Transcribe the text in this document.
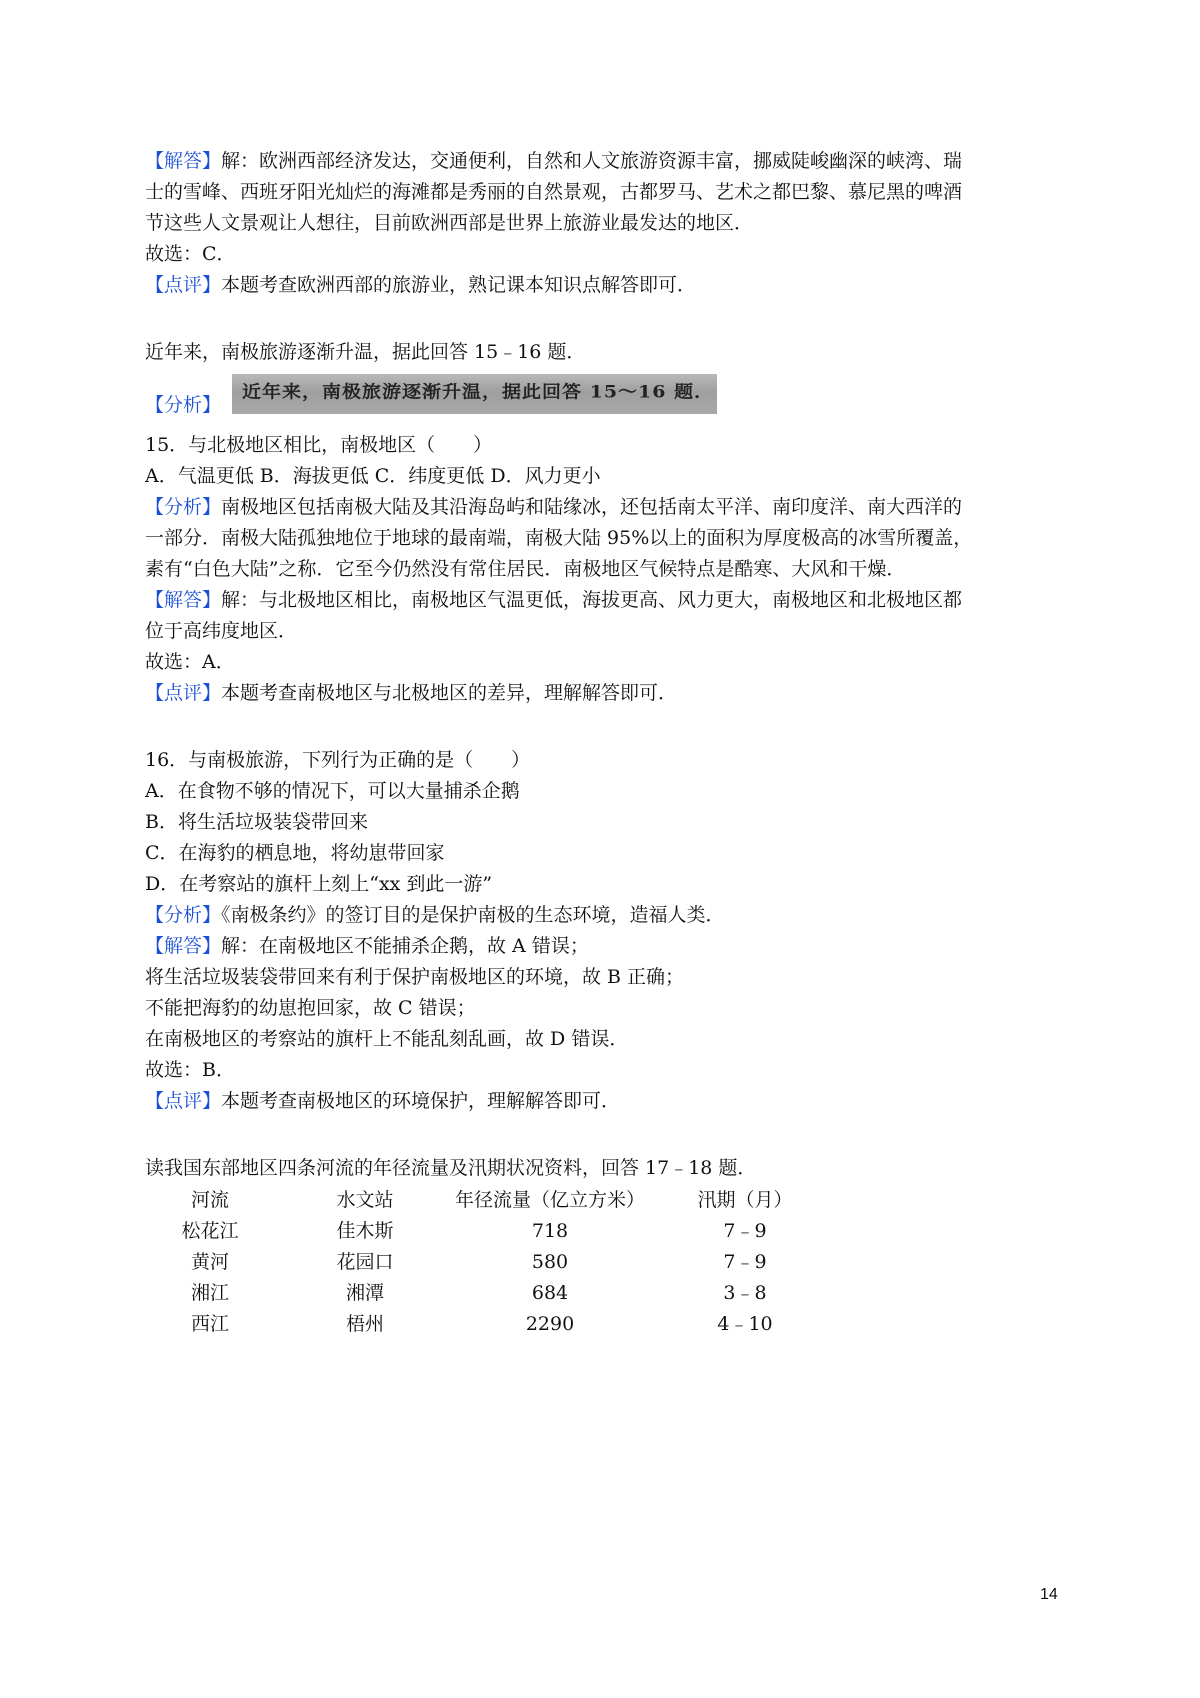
【解答】解：欧洲西部经济发达，交通便利，自然和人文旅游资源丰富，挪威陡峻幽深的峡湾、瑞
士的雪峰、西班牙阳光灿烂的海滩都是秀丽的自然景观，古都罗马、艺术之都巴黎、慕尼黑的啤酒
节这些人文景观让人想往，目前欧洲西部是世界上旅游业最发达的地区．
故选：C．
【点评】本题考查欧洲西部的旅游业，熟记课本知识点解答即可．
近年来，南极旅游逐渐升温，据此回答 15﹣16 题．
【分析】
近年来，南极旅游逐渐升温，据此回答 15～16 题．
15．与北极地区相比，南极地区（　　）
A．气温更低 B．海拔更低 C．纬度更低 D．风力更小
【分析】南极地区包括南极大陆及其沿海岛屿和陆缘冰，还包括南太平洋、南印度洋、南大西洋的
一部分．南极大陆孤独地位于地球的最南端，南极大陆 95%以上的面积为厚度极高的冰雪所覆盖，
素有“白色大陆”之称．它至今仍然没有常住居民．南极地区气候特点是酷寒、大风和干燥．
【解答】解：与北极地区相比，南极地区气温更低，海拔更高、风力更大，南极地区和北极地区都
位于高纬度地区．
故选：A．
【点评】本题考查南极地区与北极地区的差异，理解解答即可．
16．与南极旅游，下列行为正确的是（　　）
A．在食物不够的情况下，可以大量捕杀企鹅
B．将生活垃圾装袋带回来
C．在海豹的栖息地，将幼崽带回家
D．在考察站的旗杆上刻上“xx 到此一游”
【分析】《南极条约》的签订目的是保护南极的生态环境，造福人类．
【解答】解：在南极地区不能捕杀企鹅，故 A 错误；
将生活垃圾装袋带回来有利于保护南极地区的环境，故 B 正确；
不能把海豹的幼崽抱回家，故 C 错误；
在南极地区的考察站的旗杆上不能乱刻乱画，故 D 错误．
故选：B．
【点评】本题考查南极地区的环境保护，理解解答即可．
读我国东部地区四条河流的年径流量及汛期状况资料，回答 17﹣18 题．
河流	水文站	年径流量（亿立方米）	汛期（月）
松花江	佳木斯	718	7﹣9
黄河	花园口	580	7﹣9
湘江	湘潭	684	3﹣8
西江	梧州	2290	4﹣10
14
